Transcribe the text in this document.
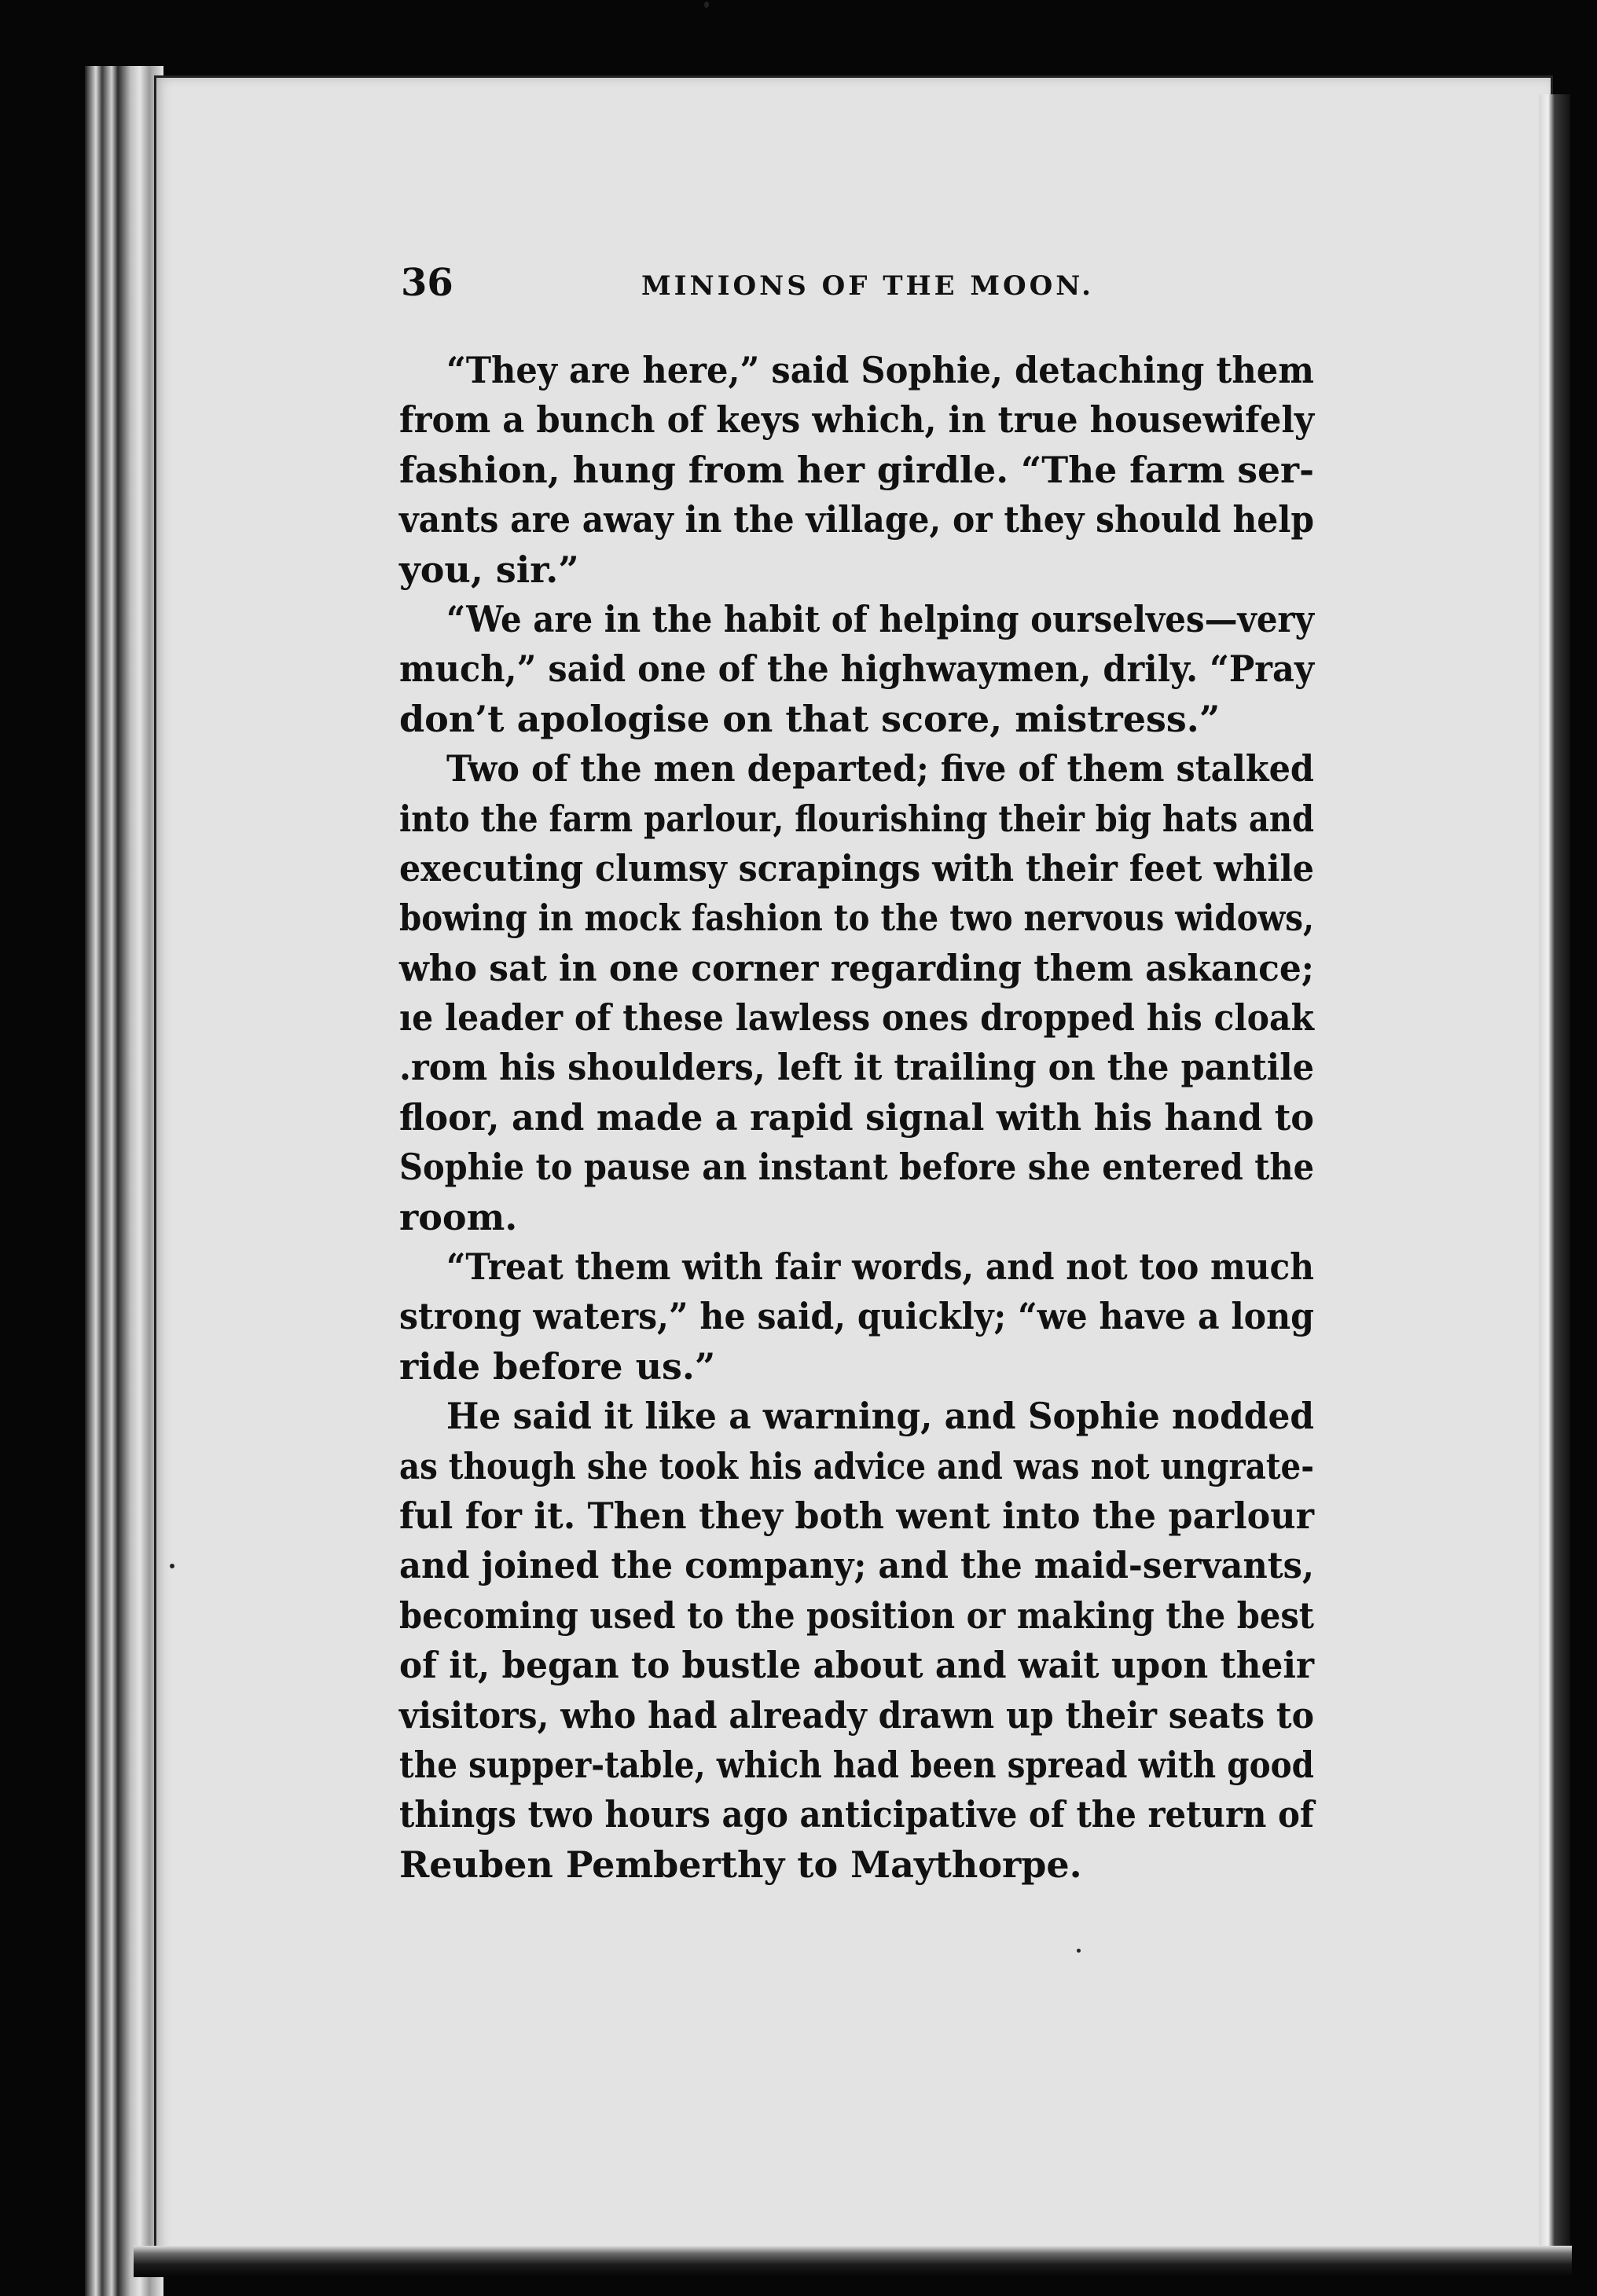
36	MINIONS OF THE MOON.
“They are here,” said Sophie, detaching them
from a bunch of keys which, in true housewifely
fashion, hung from her girdle. “The farm ser-
vants are away in the village, or they should help
you, sir.”
“We are in the habit of helping ourselves—very
much,” said one of the highwaymen, drily. “Pray
don’t apologise on that score, mistress.”
Two of the men departed; five of them stalked
into the farm parlour, flourishing their big hats and
executing clumsy scrapings with their feet while
bowing in mock fashion to the two nervous widows,
who sat in one corner regarding them askance;
ıe leader of these lawless ones dropped his cloak
.rom his shoulders, left it trailing on the pantile
floor, and made a rapid signal with his hand to
Sophie to pause an instant before she entered the
room.
“Treat them with fair words, and not too much
strong waters,” he said, quickly; “we have a long
ride before us.”
He said it like a warning, and Sophie nodded
as though she took his advice and was not ungrate-
ful for it. Then they both went into the parlour
and joined the company; and the maid-servants,
becoming used to the position or making the best
of it, began to bustle about and wait upon their
visitors, who had already drawn up their seats to
the supper-table, which had been spread with good
things two hours ago anticipative of the return of
Reuben Pemberthy to Maythorpe.
